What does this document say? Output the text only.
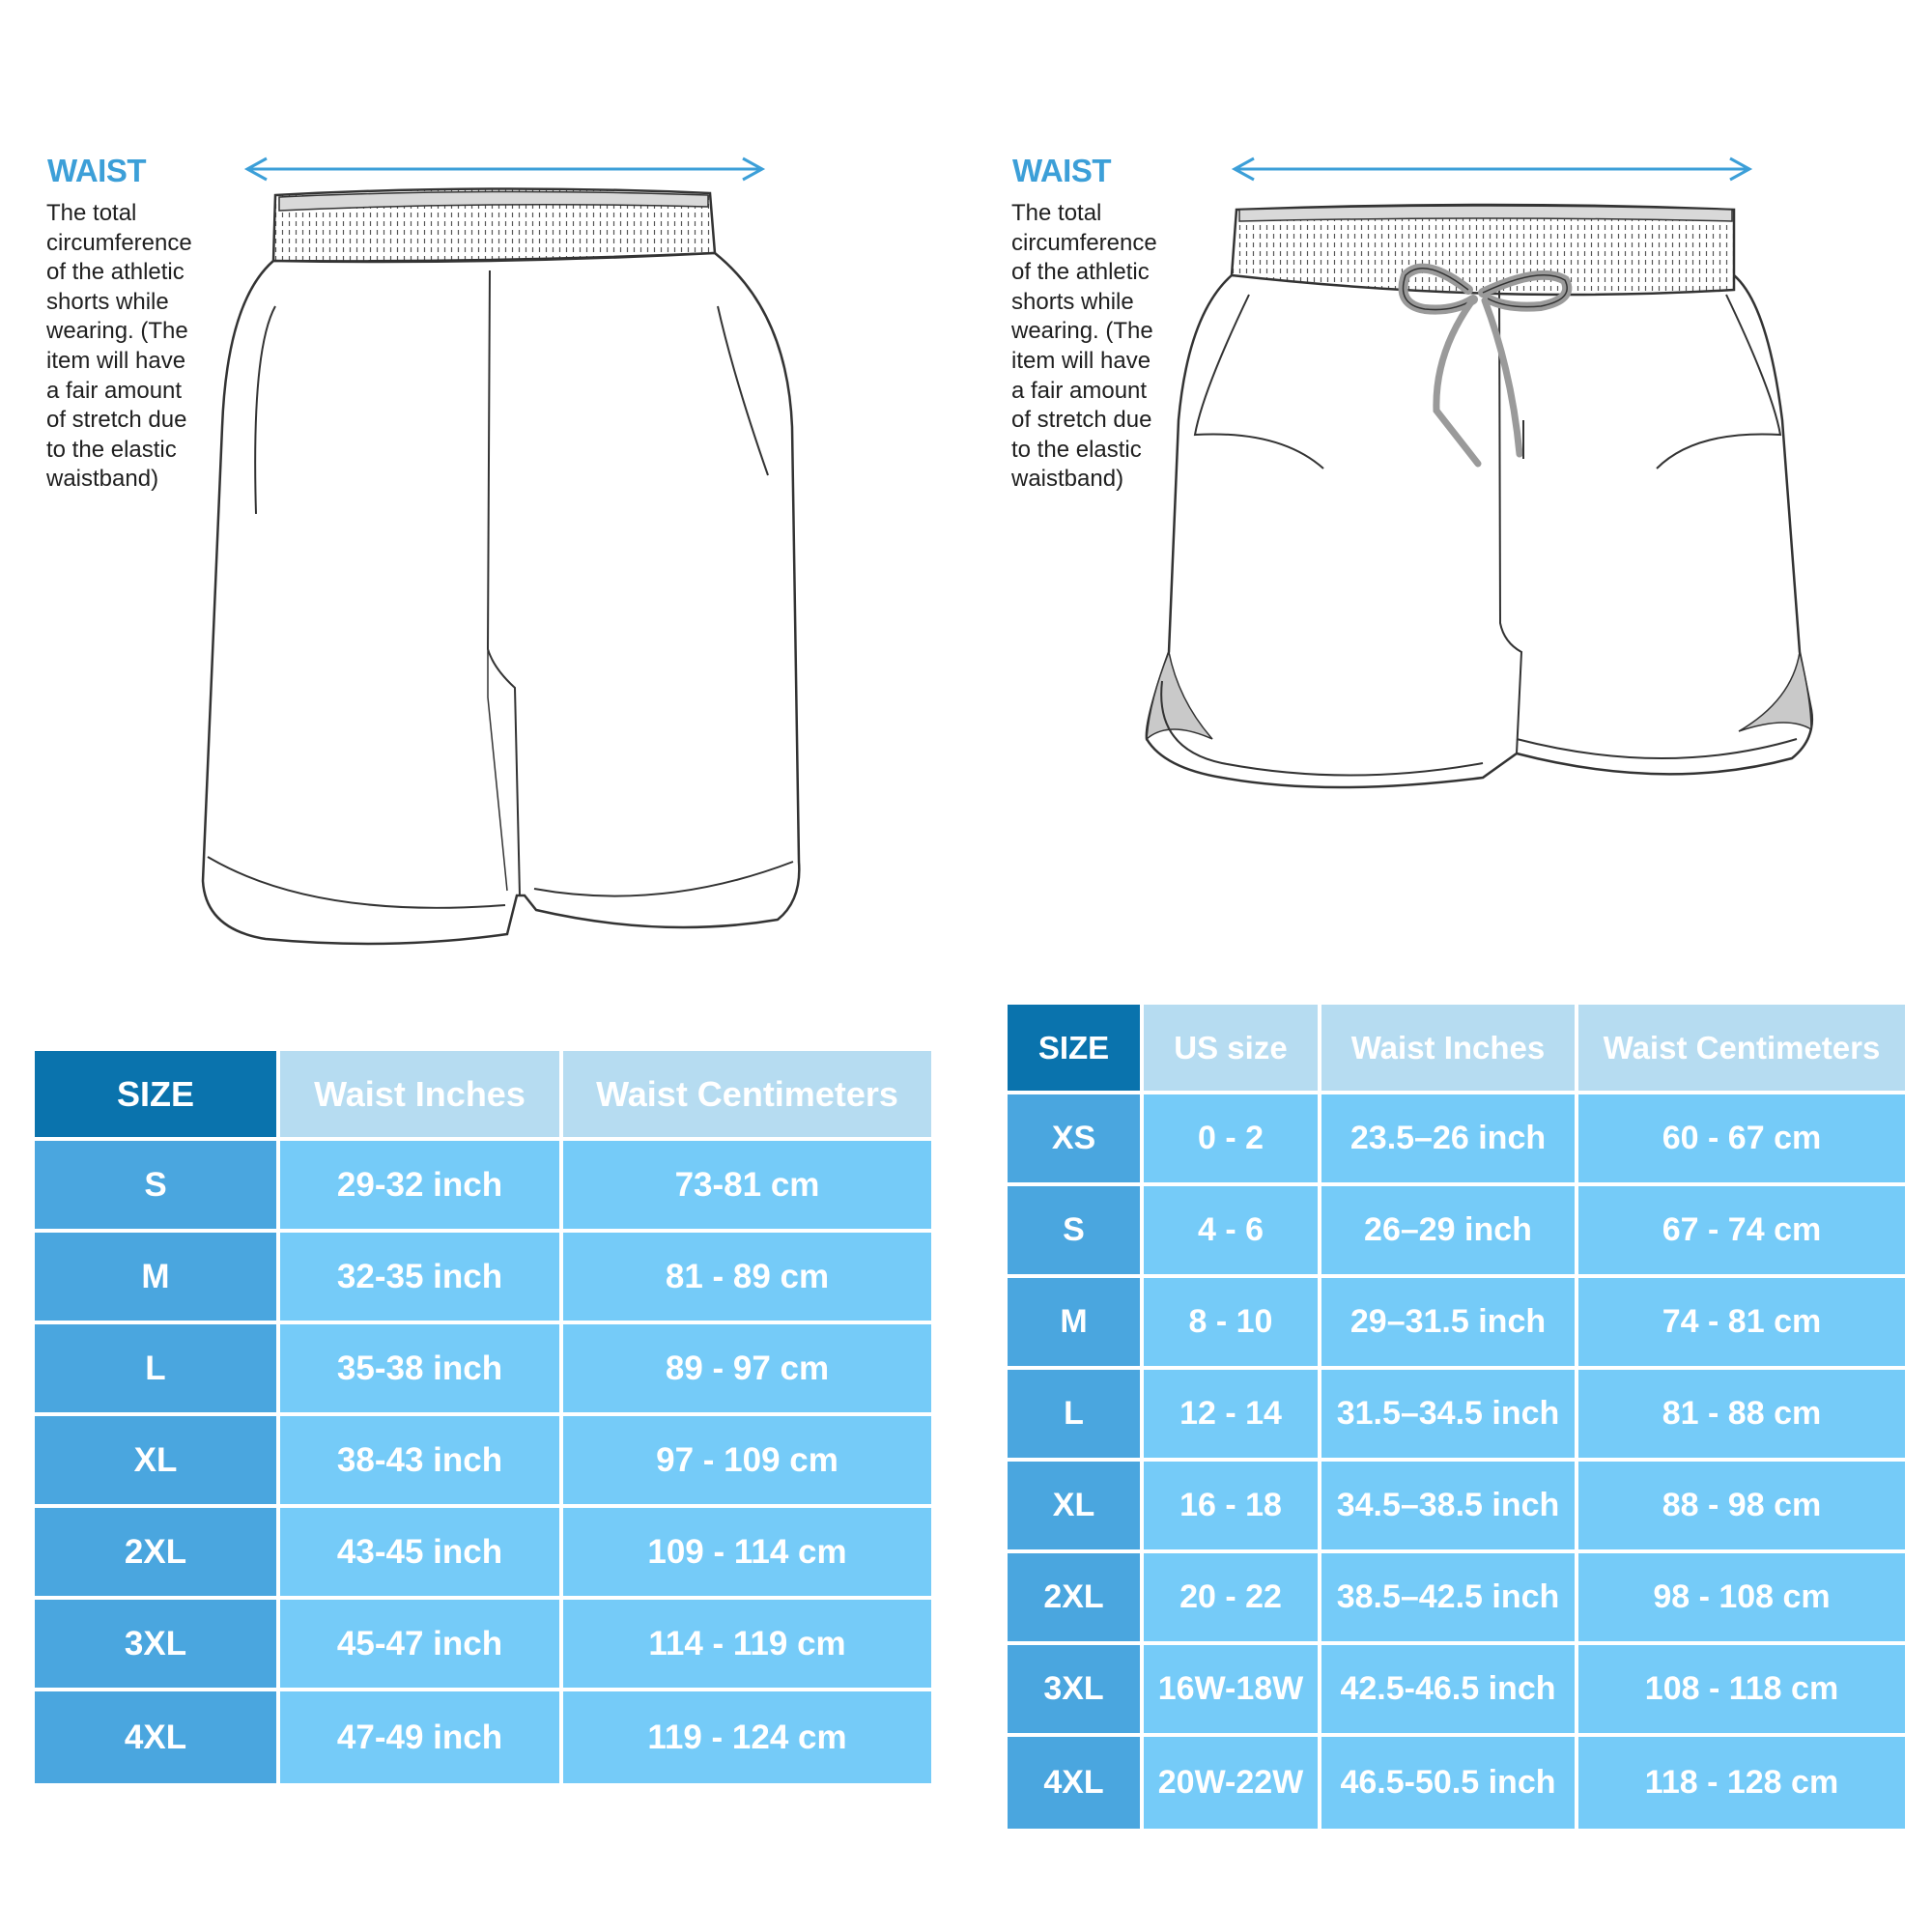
WAIST
The total
circumference
of the athletic
shorts while
wearing. (The
item will have
a fair amount
of stretch due
to the elastic
waistband)
SIZE	Waist Inches	Waist Centimeters
S	29-32 inch	73-81 cm
M	32-35 inch	81 - 89 cm
L	35-38 inch	89 - 97 cm
XL	38-43 inch	97 - 109 cm
2XL	43-45 inch	109 - 114 cm
3XL	45-47 inch	114 - 119 cm
4XL	47-49 inch	119 - 124 cm
WAIST
The total
circumference
of the athletic
shorts while
wearing. (The
item will have
a fair amount
of stretch due
to the elastic
waistband)
SIZE	US size	Waist Inches	Waist Centimeters
XS	0 - 2	23.5–26 inch	60 - 67 cm
S	4 - 6	26–29 inch	67 - 74 cm
M	8 - 10	29–31.5 inch	74 - 81 cm
L	12 - 14	31.5–34.5 inch	81 - 88 cm
XL	16 - 18	34.5–38.5 inch	88 - 98 cm
2XL	20 - 22	38.5–42.5 inch	98 - 108 cm
3XL	16W-18W	42.5-46.5 inch	108 - 118 cm
4XL	20W-22W	46.5-50.5 inch	118 - 128 cm
